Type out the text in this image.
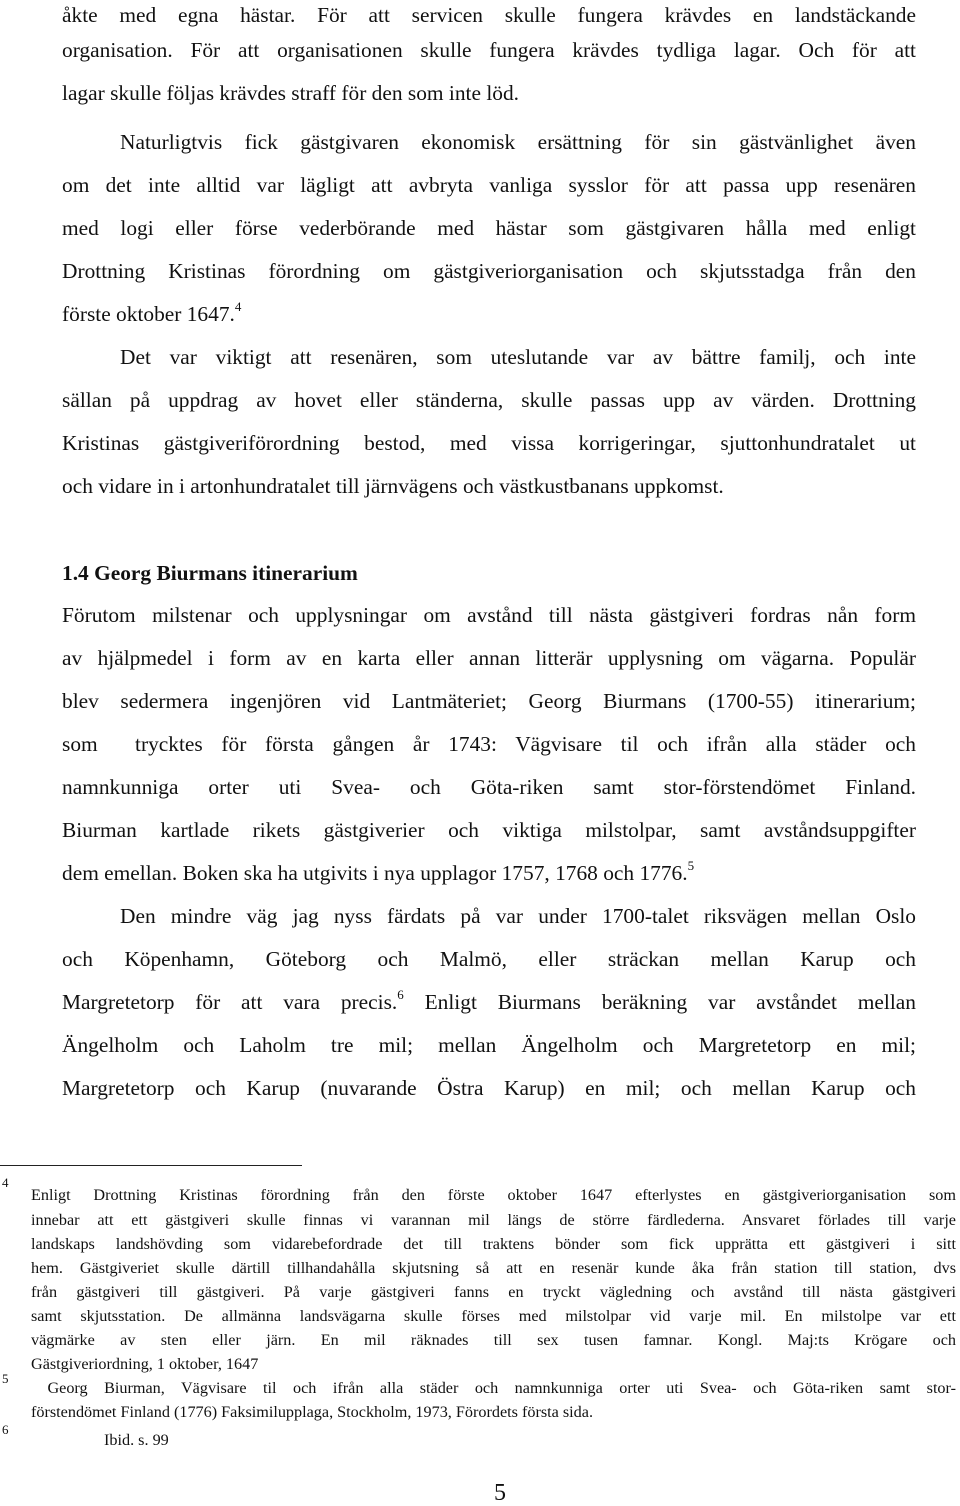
åkte med egna hästar. För att servicen skulle fungera krävdes en landstäckande
organisation. För att organisationen skulle fungera krävdes tydliga lagar. Och för att
lagar skulle följas krävdes straff för den som inte löd.
Naturligtvis fick gästgivaren ekonomisk ersättning för sin gästvänlighet även
om det inte alltid var lägligt att avbryta vanliga sysslor för att passa upp resenären
med logi eller förse vederbörande med hästar som gästgivaren hålla med enligt
Drottning Kristinas förordning om gästgiveriorganisation och skjutsstadga från den
förste oktober 1647.$^4$
Det var viktigt att resenären, som uteslutande var av bättre familj, och inte
sällan på uppdrag av hovet eller ständerna, skulle passas upp av värden. Drottning
Kristinas gästgiveriförordning bestod, med vissa korrigeringar, sjuttonhundratalet ut
och vidare in i artonhundratalet till järnvägens och västkustbanans uppkomst.
1.4 Georg Biurmans itinerarium
Förutom milstenar och upplysningar om avstånd till nästa gästgiveri fordras nån form
av hjälpmedel i form av en karta eller annan litterär upplysning om vägarna. Populär
blev sedermera ingenjören vid Lantmäteriet; Georg Biurmans (1700-55) itinerarium;
som  trycktes för första gången år 1743: Vägvisare til och ifrån alla städer och
namnkunniga orter uti Svea- och Göta-riken samt stor-förstendömet Finland.
Biurman kartlade rikets gästgiverier och viktiga milstolpar, samt avståndsuppgifter
dem emellan. Boken ska ha utgivits i nya upplagor 1757, 1768 och 1776.$^5$
Den mindre väg jag nyss färdats på var under 1700-talet riksvägen mellan Oslo
och Köpenhamn, Göteborg och Malmö, eller sträckan mellan Karup och
Margretetorp för att vara precis.$^6$ Enligt Biurmans beräkning var avståndet mellan
Ängelholm och Laholm tre mil; mellan Ängelholm och Margretetorp en mil;
Margretetorp och Karup (nuvarande Östra Karup) en mil; och mellan Karup och
4
Enligt Drottning Kristinas förordning från den förste oktober 1647 efterlystes en gästgiveriorganisation som
innebar att ett gästgiveri skulle finnas vi varannan mil längs de större färdlederna. Ansvaret förlades till varje
landskaps landshövding som vidarebefordrade det till traktens bönder som fick upprätta ett gästgiveri i sitt
hem. Gästgiveriet skulle därtill tillhandahålla skjutsning så att en resenär kunde åka från station till station, dvs
från gästgiveri till gästgiveri. På varje gästgiveri fanns en tryckt vägledning och avstånd till nästa gästgiveri
samt skjutsstation. De allmänna landsvägarna skulle förses med milstolpar vid varje mil. En milstolpe var ett
vägmärke av sten eller järn. En mil räknades till sex tusen famnar. Kongl. Maj:ts Krögare och
Gästgiveriordning, 1 oktober, 1647
5
Georg Biurman, Vägvisare til och ifrån alla städer och namnkunniga orter uti Svea- och Göta-riken samt stor-
förstendömet Finland (1776) Faksimilupplaga, Stockholm, 1973, Förordets första sida.
6
Ibid. s. 99
5
